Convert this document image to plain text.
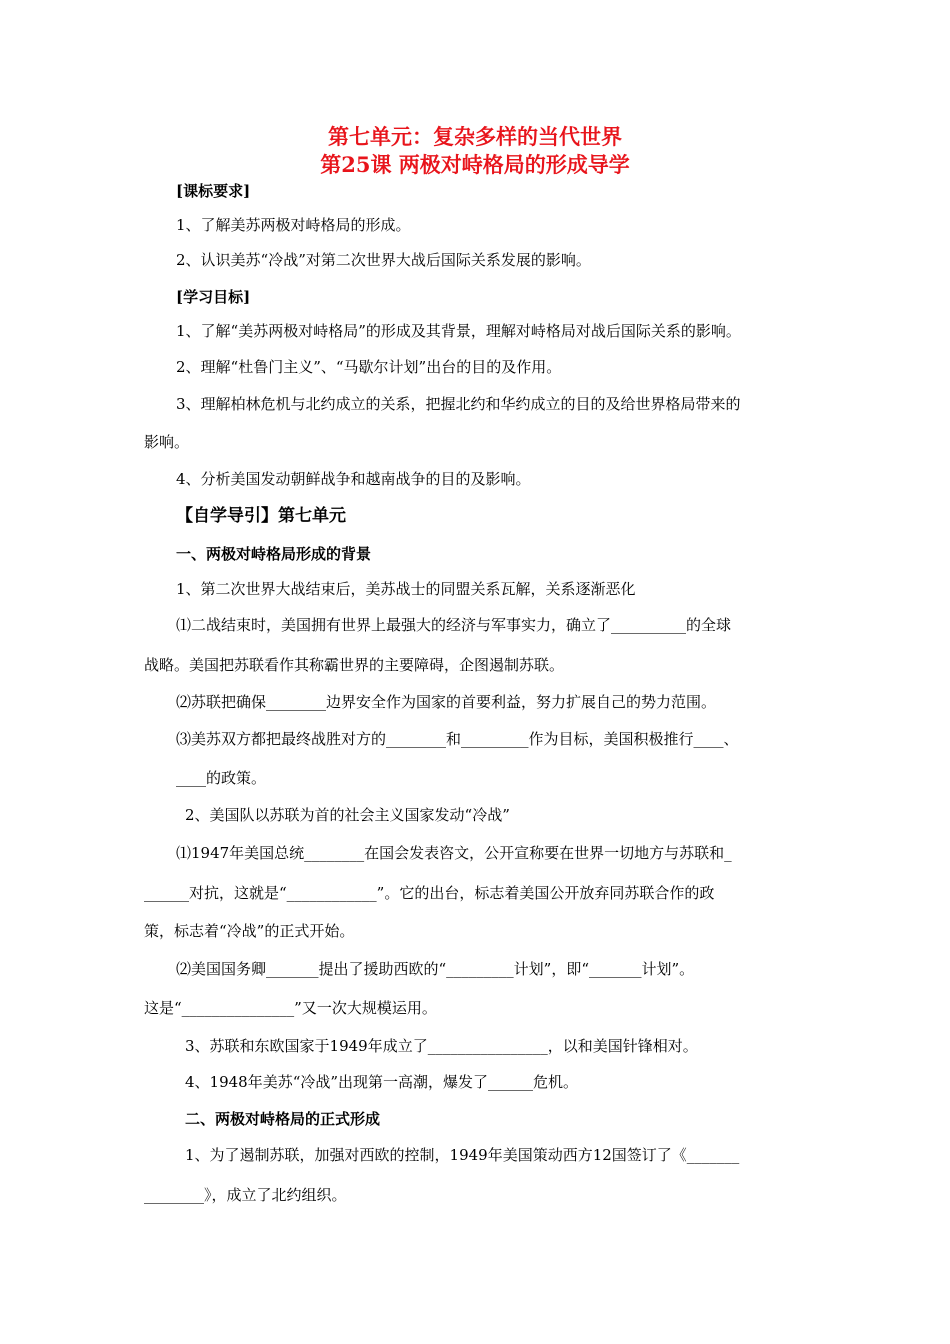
第七单元：复杂多样的当代世界
第25课 两极对峙格局的形成导学
[课标要求]
1、了解美苏两极对峙格局的形成。
2、认识美苏“冷战”对第二次世界大战后国际关系发展的影响。
[学习目标]
1、了解“美苏两极对峙格局”的形成及其背景，理解对峙格局对战后国际关系的影响。
2、理解“杜鲁门主义”、“马歇尔计划”出台的目的及作用。
3、理解柏林危机与北约成立的关系，把握北约和华约成立的目的及给世界格局带来的
影响。
4、分析美国发动朝鲜战争和越南战争的目的及影响。
【自学导引】第七单元
一、两极对峙格局形成的背景
1、第二次世界大战结束后，美苏战士的同盟关系瓦解，关系逐渐恶化
⑴二战结束时，美国拥有世界上最强大的经济与军事实力，确立了__________的全球
战略。美国把苏联看作其称霸世界的主要障碍，企图遏制苏联。
⑵苏联把确保________边界安全作为国家的首要利益，努力扩展自己的势力范围。
⑶美苏双方都把最终战胜对方的________和_________作为目标，美国积极推行____、
____的政策。
2、美国队以苏联为首的社会主义国家发动“冷战”
⑴1947年美国总统________在国会发表咨文，公开宣称要在世界一切地方与苏联和_
______对抗，这就是“____________”。它的出台，标志着美国公开放弃同苏联合作的政
策，标志着“冷战”的正式开始。
⑵美国国务卿_______提出了援助西欧的“_________计划”，即“_______计划”。
这是“_______________”又一次大规模运用。
3、苏联和东欧国家于1949年成立了________________，以和美国针锋相对。
4、1948年美苏“冷战”出现第一高潮，爆发了______危机。
二、两极对峙格局的正式形成
1、为了遏制苏联，加强对西欧的控制，1949年美国策动西方12国签订了《_______
________》，成立了北约组织。
